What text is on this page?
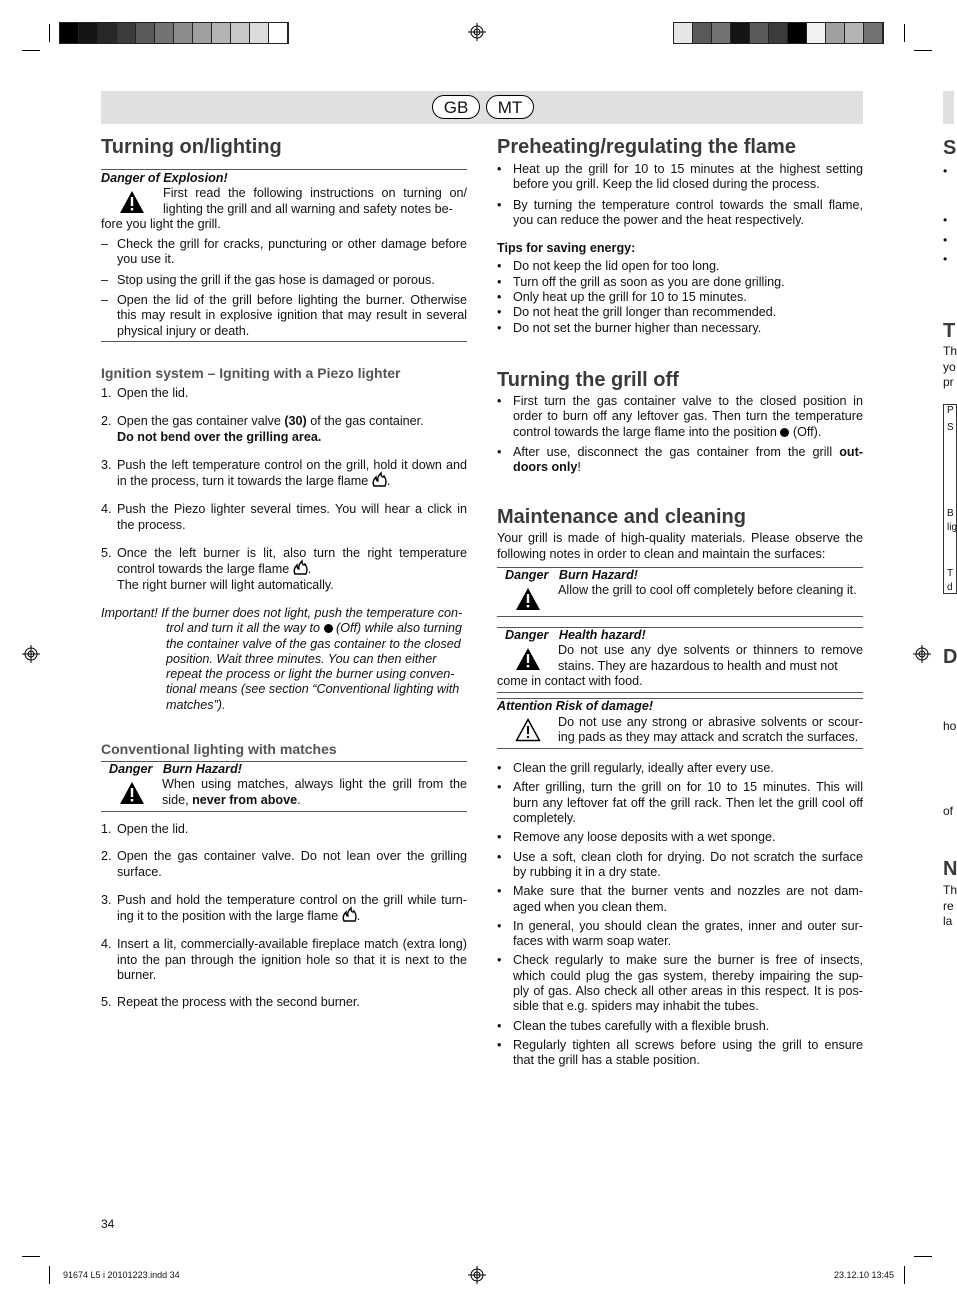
GB	MT
Turning on/lighting

Danger of Explosion!

First read the following instructions on turning on/ lighting the grill and all warning and safety notes be-

fore you light the grill.

– Check the grill for cracks, puncturing or other damage before you use it.
– Stop using the grill if the gas hose is damaged or porous.
– Open the lid of the grill before lighting the burner. Otherwise this may result in explosive ignition that may result in several physical injury or death.
Ignition system – Igniting with a Piezo lighter
1. Open the lid.
2. Open the gas container valve (30) of the gas container.
Do not bend over the grilling area.
3. Push the left temperature control on the grill, hold it down and in the process, turn it towards the large flame .
4. Push the Piezo lighter several times. You will hear a click in the process.
5. Once the left burner is lit, also turn the right temperature control towards the large flame .
The right burner will light automatically.

Important! If the burner does not light, push the temperature con-

trol and turn it all the way to (Off) while also turning the container valve of the gas container to the closed position. Wait three minutes. You can then either repeat the process or light the burner using conven- tional means (see section “Conventional lighting with matches”).

Conventional lighting with matches

Danger Burn Hazard!

When using matches, always light the grill from the side, never from above.

1. Open the lid.
2. Open the gas container valve. Do not lean over the grilling surface.
3. Push and hold the temperature control on the grill while turn- ing it to the position with the large flame .
4. Insert a lit, commercially-available fireplace match (extra long) into the pan through the ignition hole so that it is next to the burner.
5. Repeat the process with the second burner.
Preheating/regulating the flame
• Heat up the grill for 10 to 15 minutes at the highest setting before you grill. Keep the lid closed during the process.
• By turning the temperature control towards the small flame, you can reduce the power and the heat respectively.

Tips for saving energy:

• Do not keep the lid open for too long.
• Turn off the grill as soon as you are done grilling.
• Only heat up the grill for 10 to 15 minutes.
• Do not heat the grill longer than recommended.
• Do not set the burner higher than necessary.
Turning the grill off
• First turn the gas container valve to the closed position in order to burn off any leftover gas. Then turn the temperature control towards the large flame into the position (Off).
• After use, disconnect the gas container from the grill out- doors only!
Maintenance and cleaning

Your grill is made of high-quality materials. Please observe the following notes in order to clean and maintain the surfaces:

Danger Burn Hazard!

Allow the grill to cool off completely before cleaning it.

Danger Health hazard!

Do not use any dye solvents or thinners to remove stains. They are hazardous to health and must not

come in contact with food.

Attention Risk of damage!

Do not use any strong or abrasive solvents or scour- ing pads as they may attack and scratch the surfaces.

• Clean the grill regularly, ideally after every use.
• After grilling, turn the grill on for 10 to 15 minutes. This will burn any leftover fat off the grill rack. Then let the grill cool off completely.
• Remove any loose deposits with a wet sponge.
• Use a soft, clean cloth for drying. Do not scratch the surface by rubbing it in a dry state.
• Make sure that the burner vents and nozzles are not dam- aged when you clean them.
• In general, you should clean the grates, inner and outer sur- faces with warm soap water.
• Check regularly to make sure the burner is free of insects, which could plug the gas system, thereby impairing the sup- ply of gas. Also check all other areas in this respect. It is pos- sible that e.g. spiders may inhabit the tubes.
• Clean the tubes carefully with a flexible brush.
• Regularly tighten all screws before using the grill to ensure that the grill has a stable position.
S
•
•
•
•
T
Th
yo
pr
P
S
B
lig
T
d
D
ho
of
N
Th
re
la
34
91674 L5 i 20101223.indd 34	23.12.10 13:45
